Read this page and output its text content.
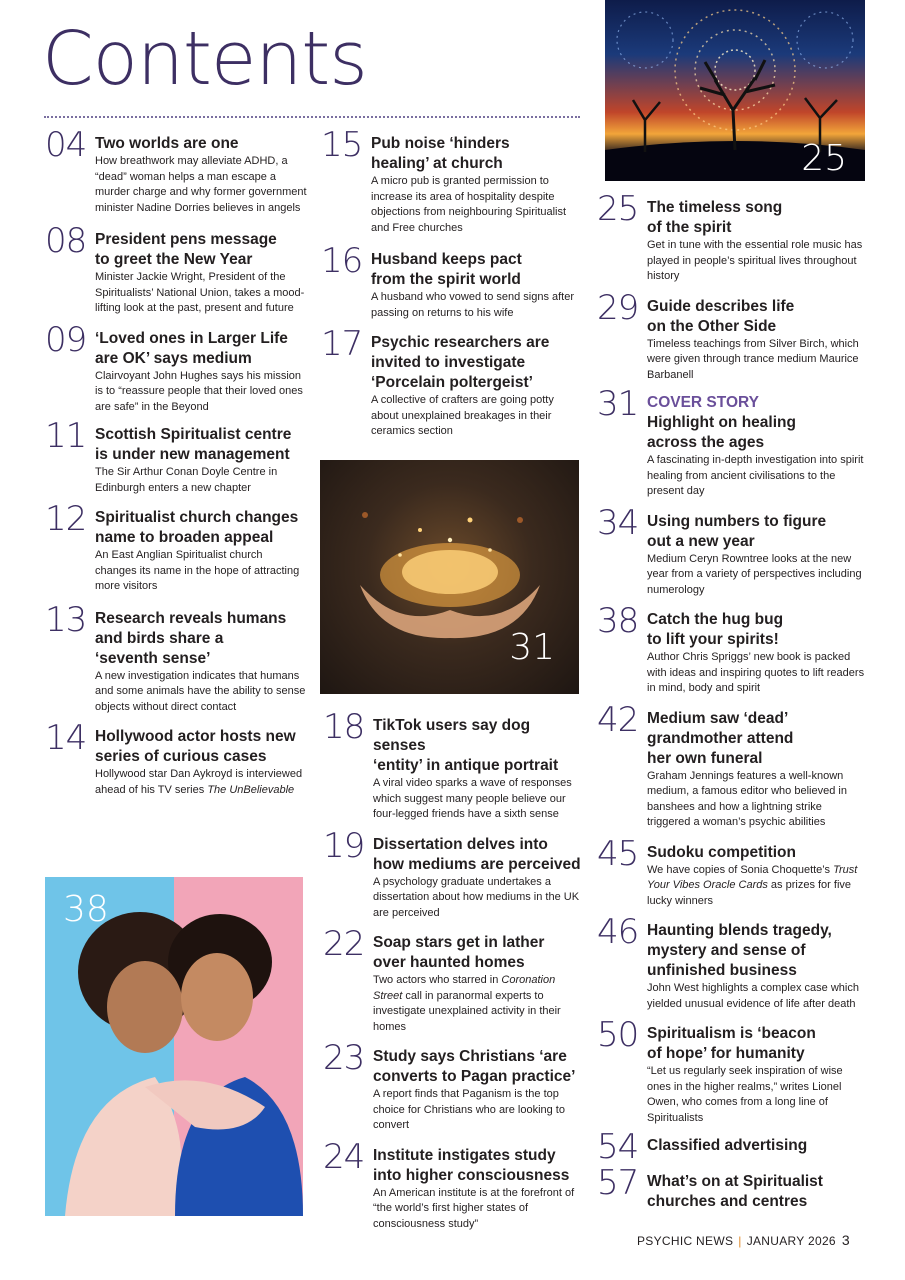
Contents
04 Two worlds are one
How breathwork may alleviate ADHD, a “dead” woman helps a man escape a murder charge and why former government minister Nadine Dorries believes in angels
08 President pens message
to greet the New Year
Minister Jackie Wright, President of the Spiritualists’ National Union, takes a mood-lifting look at the past, present and future
09 ‘Loved ones in Larger Life
are OK’ says medium
Clairvoyant John Hughes says his mission is to “reassure people that their loved ones are safe” in the Beyond
11 Scottish Spiritualist centre
is under new management
The Sir Arthur Conan Doyle Centre in Edinburgh enters a new chapter
12 Spiritualist church changes
name to broaden appeal
An East Anglian Spiritualist church changes its name in the hope of attracting more visitors
13 Research reveals humans
and birds share a
‘seventh sense’
A new investigation indicates that humans and some animals have the ability to sense objects without direct contact
14 Hollywood actor hosts new
series of curious cases
Hollywood star Dan Aykroyd is interviewed ahead of his TV series The UnBelievable
15 Pub noise ‘hinders
healing’ at church
A micro pub is granted permission to increase its area of hospitality despite objections from neighbouring Spiritualist and Free churches
16 Husband keeps pact
from the spirit world
A husband who vowed to send signs after passing on returns to his wife
17 Psychic researchers are
invited to investigate
‘Porcelain poltergeist’
A collective of crafters are going potty about unexplained breakages in their ceramics section
18 TikTok users say dog senses
‘entity’ in antique portrait
A viral video sparks a wave of responses which suggest many people believe our four-legged friends have a sixth sense
19 Dissertation delves into
how mediums are perceived
A psychology graduate undertakes a dissertation about how mediums in the UK are perceived
22 Soap stars get in lather
over haunted homes
Two actors who starred in Coronation Street call in paranormal experts to investigate unexplained activity in their homes
23 Study says Christians ‘are
converts to Pagan practice’
A report finds that Paganism is the top choice for Christians who are looking to convert
24 Institute instigates study
into higher consciousness
An American institute is at the forefront of “the world’s first higher states of consciousness study”
25 The timeless song
of the spirit
Get in tune with the essential role music has played in people’s spiritual lives throughout history
29 Guide describes life
on the Other Side
Timeless teachings from Silver Birch, which were given through trance medium Maurice Barbanell
31 COVER STORY
Highlight on healing
across the ages
A fascinating in-depth investigation into spirit healing from ancient civilisations to the present day
34 Using numbers to figure
out a new year
Medium Ceryn Rowntree looks at the new year from a variety of perspectives including numerology
38 Catch the hug bug
to lift your spirits!
Author Chris Spriggs’ new book is packed with ideas and inspiring quotes to lift readers in mind, body and spirit
42 Medium saw ‘dead’
grandmother attend
her own funeral
Graham Jennings features a well-known medium, a famous editor who believed in banshees and how a lightning strike triggered a woman’s psychic abilities
45 Sudoku competition
We have copies of Sonia Choquette’s Trust Your Vibes Oracle Cards as prizes for five lucky winners
46 Haunting blends tragedy,
mystery and sense of
unfinished business
John West highlights a complex case which yielded unusual evidence of life after death
50 Spiritualism is ‘beacon
of hope’ for humanity
“Let us regularly seek inspiration of wise ones in the higher realms,” writes Lionel Owen, who comes from a long line of Spiritualists
54 Classified advertising
57 What’s on at Spiritualist
churches and centres
25
31
38
PSYCHIC NEWS | JANUARY 2026 3
